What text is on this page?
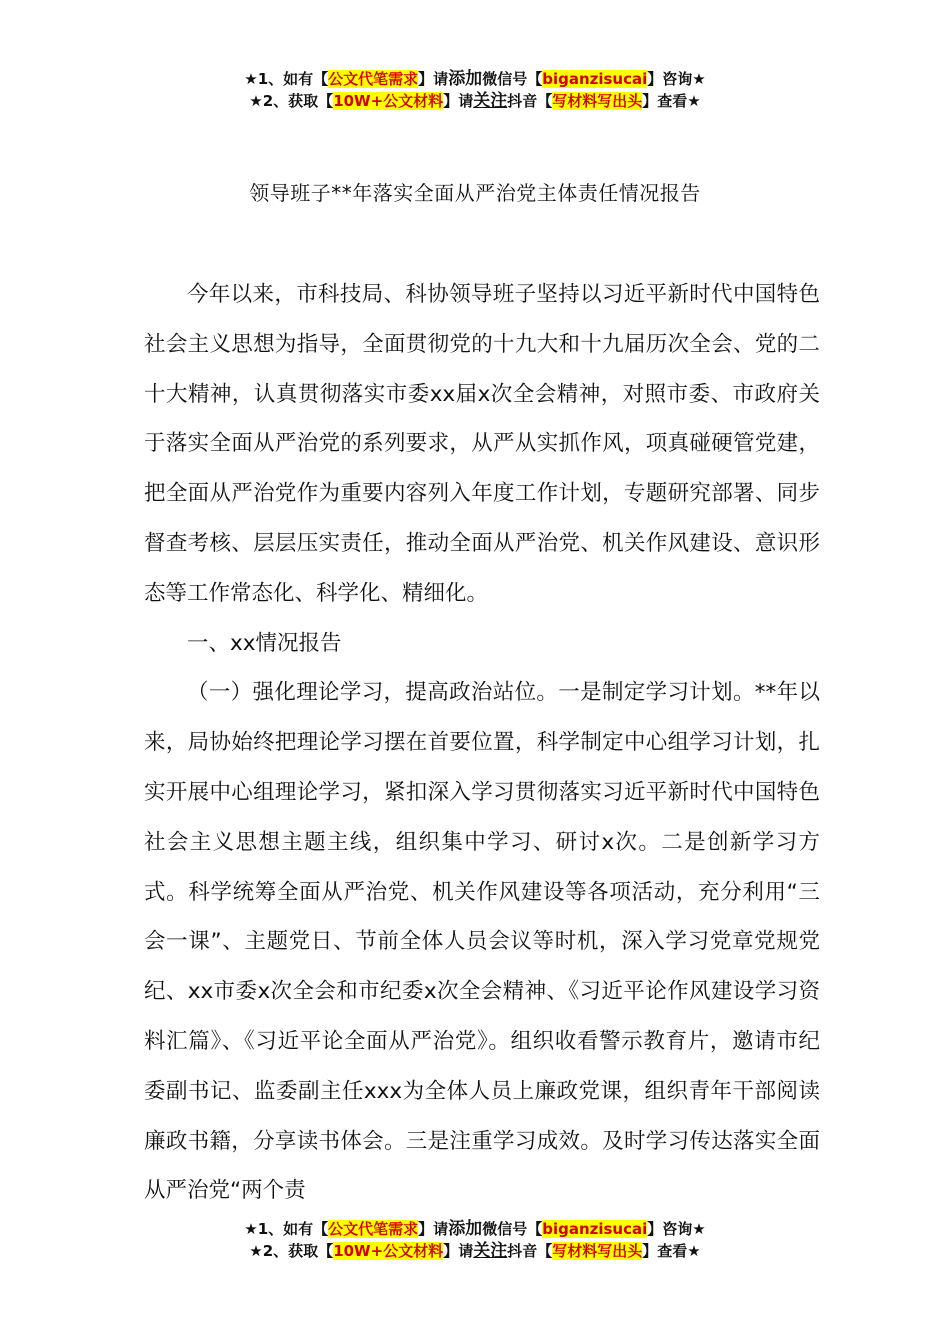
★1、如有【公文代笔需求】请添加微信号【biganzisucai】咨询★
★2、获取【10W+公文材料】请关注抖音【写材料写出头】查看★
领导班子**年落实全面从严治党主体责任情况报告

今年以来，市科技局、科协领导班子坚持以习近平新时代中国特色社会主义思想为指导，全面贯彻党的十九大和十九届历次全会、党的二十大精神，认真贯彻落实市委xx届x次全会精神，对照市委、市政府关于落实全面从严治党的系列要求，从严从实抓作风，项真碰硬管党建，把全面从严治党作为重要内容列入年度工作计划，专题研究部署、同步督查考核、层层压实责任，推动全面从严治党、机关作风建设、意识形态等工作常态化、科学化、精细化。

一、xx情况报告

（一）强化理论学习，提高政治站位。一是制定学习计划。**年以来，局协始终把理论学习摆在首要位置，科学制定中心组学习计划，扎实开展中心组理论学习，紧扣深入学习贯彻落实习近平新时代中国特色社会主义思想主题主线，组织集中学习、研讨x次。二是创新学习方式。科学统筹全面从严治党、机关作风建设等各项活动，充分利用“三会一课”、主题党日、节前全体人员会议等时机，深入学习党章党规党纪、xx市委x次全会和市纪委x次全会精神、《习近平论作风建设学习资料汇篇》、《习近平论全面从严治党》。组织收看警示教育片，邀请市纪委副书记、监委副主任xxx为全体人员上廉政党课，组织青年干部阅读廉政书籍，分享读书体会。三是注重学习成效。及时学习传达落实全面从严治党“两个责

★1、如有【公文代笔需求】请添加微信号【biganzisucai】咨询★
★2、获取【10W+公文材料】请关注抖音【写材料写出头】查看★
